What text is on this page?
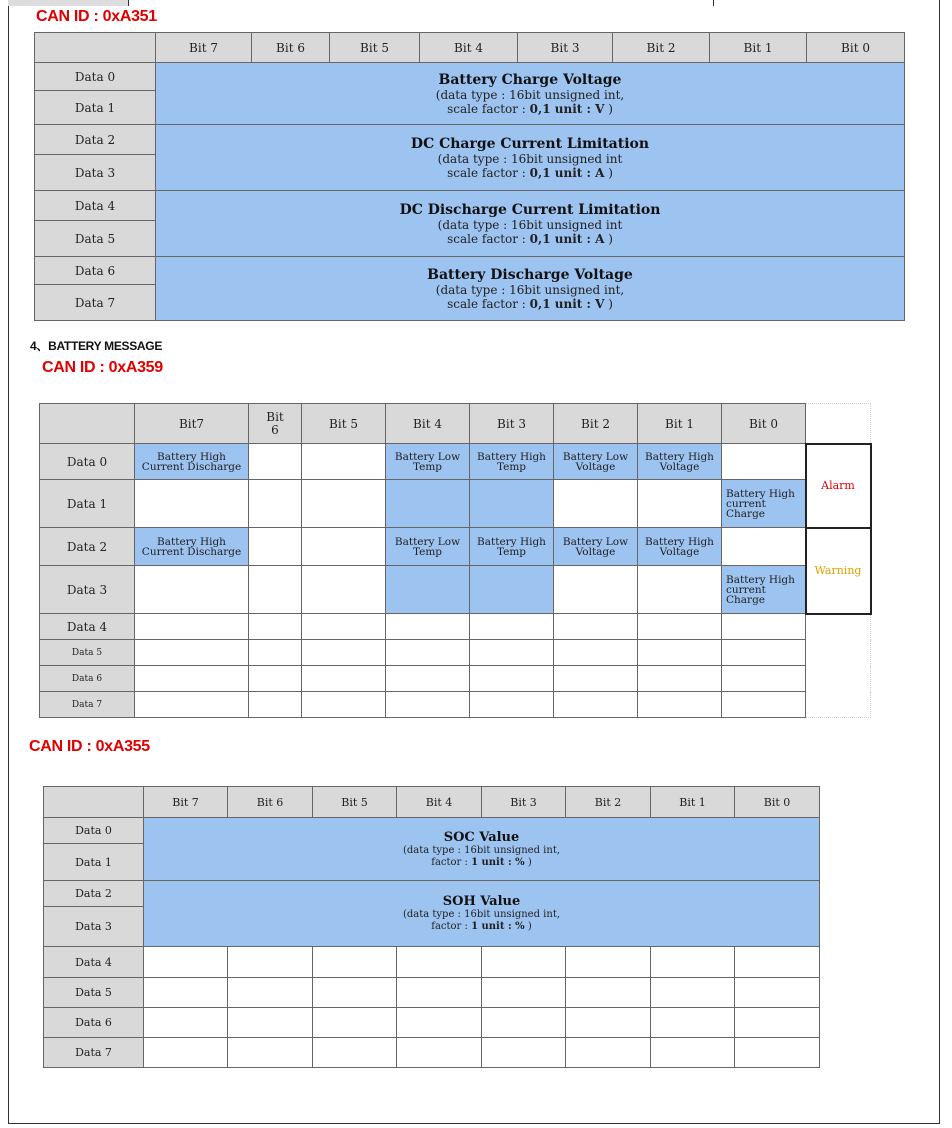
CAN ID : 0xA351
	Bit 7	Bit 6	Bit 5	Bit 4	Bit 3	Bit 2	Bit 1	Bit 0
Data 0	Battery Charge Voltage
(data type : 16bit unsigned int,
scale factor : 0,1 unit : V )							

Data 1								
Data 2	DC Charge Current Limitation
(data type : 16bit unsigned int
scale factor : 0,1 unit : A )							

Data 3								
Data 4	DC Discharge Current Limitation
(data type : 16bit unsigned int
scale factor : 0,1 unit : A )							

Data 5								
Data 6	Battery Discharge Voltage
(data type : 16bit unsigned int,
scale factor : 0,1 unit : V )							

Data 7								
4、BATTERY MESSAGE
CAN ID : 0xA359
	Bit7	Bit 6	Bit 5	Bit 4	Bit 3	Bit 2	Bit 1	Bit 0	
Data 0	Battery High Current Discharge			Battery Low Temp	Battery High Temp	Battery Low Voltage	Battery High Voltage		Alarm
Data 1								Battery High current Charge	
Data 2	Battery High Current Discharge			Battery Low Temp	Battery High Temp	Battery Low Voltage	Battery High Voltage		Warning
Data 3								Battery High current Charge	
Data 4									
Data 5									
Data 6									
Data 7									
CAN ID : 0xA355
	Bit 7	Bit 6	Bit 5	Bit 4	Bit 3	Bit 2	Bit 1	Bit 0
Data 0	SOC Value
(data type : 16bit unsigned int,
factor : 1 unit : % )							

Data 1								
Data 2	SOH Value
(data type : 16bit unsigned int,
factor : 1 unit : % )							

Data 3								
Data 4								
Data 5								
Data 6								
Data 7								
